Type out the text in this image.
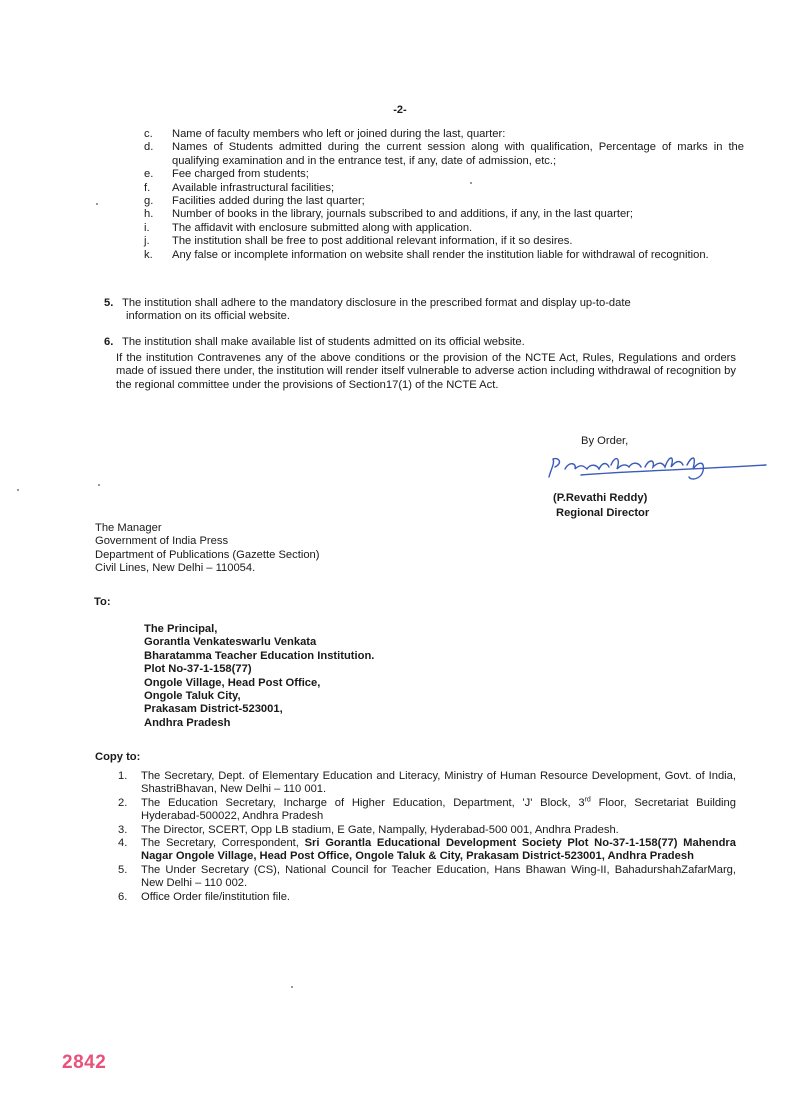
-2-
c. Name of faculty members who left or joined during the last, quarter:
d. Names of Students admitted during the current session along with qualification, Percentage of marks in the qualifying examination and in the entrance test, if any, date of admission, etc.;
e. Fee charged from students;
f. Available infrastructural facilities;
g. Facilities added during the last quarter;
h. Number of books in the library, journals subscribed to and additions, if any, in the last quarter;
i. The affidavit with enclosure submitted along with application.
j. The institution shall be free to post additional relevant information, if it so desires.
k. Any false or incomplete information on website shall render the institution liable for withdrawal of recognition.
5. The institution shall adhere to the mandatory disclosure in the prescribed format and display up-to-date
information on its official website.
6. The institution shall make available list of students admitted on its official website.
If the institution Contravenes any of the above conditions or the provision of the NCTE Act, Rules, Regulations and orders made of issued there under, the institution will render itself vulnerable to adverse action including withdrawal of recognition by the regional committee under the provisions of Section17(1) of the NCTE Act.
By Order,
(P.Revathi Reddy)
Regional Director
The Manager
Government of India Press
Department of Publications (Gazette Section)
Civil Lines, New Delhi – 110054.
To:
The Principal,
Gorantla Venkateswarlu Venkata
Bharatamma Teacher Education Institution.
Plot No-37-1-158(77)
Ongole Village, Head Post Office,
Ongole Taluk City,
Prakasam District-523001,
Andhra Pradesh
Copy to:
1. The Secretary, Dept. of Elementary Education and Literacy, Ministry of Human Resource Development, Govt. of India, ShastriBhavan, New Delhi – 110 001.
2. The Education Secretary, Incharge of Higher Education, Department, 'J' Block, 3rd Floor, Secretariat Building Hyderabad-500022, Andhra Pradesh
3. The Director, SCERT, Opp LB stadium, E Gate, Nampally, Hyderabad-500 001, Andhra Pradesh.
4. The Secretary, Correspondent, Sri Gorantla Educational Development Society Plot No-37-1-158(77) Mahendra Nagar Ongole Village, Head Post Office, Ongole Taluk & City, Prakasam District-523001, Andhra Pradesh
5. The Under Secretary (CS), National Council for Teacher Education, Hans Bhawan Wing-II, BahadurshahZafarMarg, New Delhi – 110 002.
6. Office Order file/institution file.
2842
